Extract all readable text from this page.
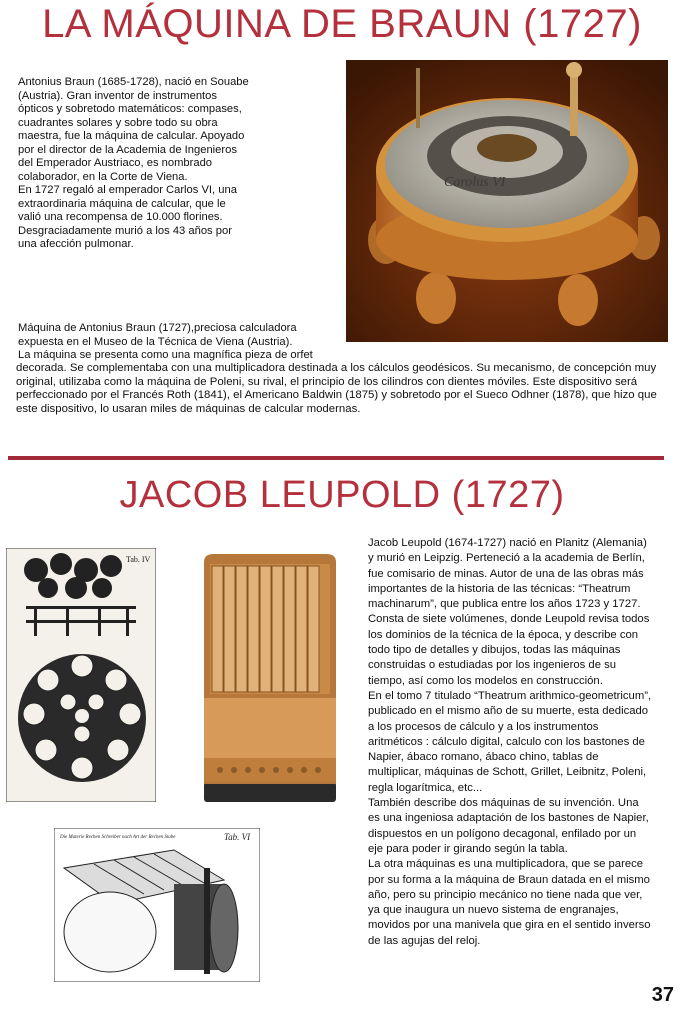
LA MÁQUINA DE BRAUN (1727)
Antonius Braun (1685-1728), nació en Souabe
(Austria). Gran inventor de instrumentos
ópticos y sobretodo matemáticos: compases,
cuadrantes solares y sobre todo su obra
maestra, fue la máquina de calcular. Apoyado
por el director de la Academia de Ingenieros
del Emperador Austriaco, es nombrado
colaborador, en la Corte de Viena.
En 1727 regaló al emperador Carlos VI, una
extraordinaria máquina de calcular, que le
valió una recompensa de 10.000 florines.
Desgraciadamente murió a los 43 años por
una afección pulmonar.
Carolus VI
Máquina de Antonius Braun (1727),preciosa calculadora
expuesta en el Museo de la Técnica de Viena (Austria).
La máquina se presenta como una magnífica pieza de orfet
decorada. Se complementaba con una multiplicadora destinada a los cálculos geodésicos. Su mecanismo, de concepción muy original, utilizaba como la máquina de Poleni, su rival, el principio de los cilindros con dientes móviles. Este dispositivo será perfeccionado por el Francés Roth (1841), el Americano Baldwin (1875) y sobretodo por el Sueco Odhner (1878), que hizo que este dispositivo, lo usaran miles de máquinas de calcular modernas.
JACOB LEUPOLD (1727)
Tab. IV
Tab. VI
Die Materie Rechen Schreiber nach Art der Rechen Stabe
Jacob Leupold (1674-1727) nació en Planitz (Alemania)
y murió en Leipzig. Perteneció a la academia de Berlín,
fue comisario de minas. Autor de una de las obras más
importantes de la historia de las técnicas: “Theatrum
machinarum”, que publica entre los años 1723 y 1727.
Consta de siete volúmenes, donde Leupold revisa todos
los dominios de la técnica de la época, y describe con
todo tipo de detalles y dibujos, todas las máquinas
construidas o estudiadas por los ingenieros de su
tiempo, así como los modelos en construcción.
En el tomo 7 titulado “Theatrum arithmico-geometricum”,
publicado en el mismo año de su muerte, esta dedicado
a los procesos de cálculo y a los instrumentos
aritméticos : cálculo digital, calculo con los bastones de
Napier, ábaco romano, ábaco chino, tablas de
multiplicar, máquinas de Schott, Grillet, Leibnitz, Poleni,
regla logarítmica, etc...
También describe dos máquinas de su invención. Una
es una ingeniosa adaptación de los bastones de Napier,
dispuestos en un polígono decagonal, enfilado por un
eje para poder ir girando según la tabla.
La otra máquinas es una multiplicadora, que se parece
por su forma a la máquina de Braun datada en el mismo
año, pero su principio mecánico no tiene nada que ver,
ya que inaugura un nuevo sistema de engranajes,
movidos por una manivela que gira en el sentido inverso
de las agujas del reloj.
37
